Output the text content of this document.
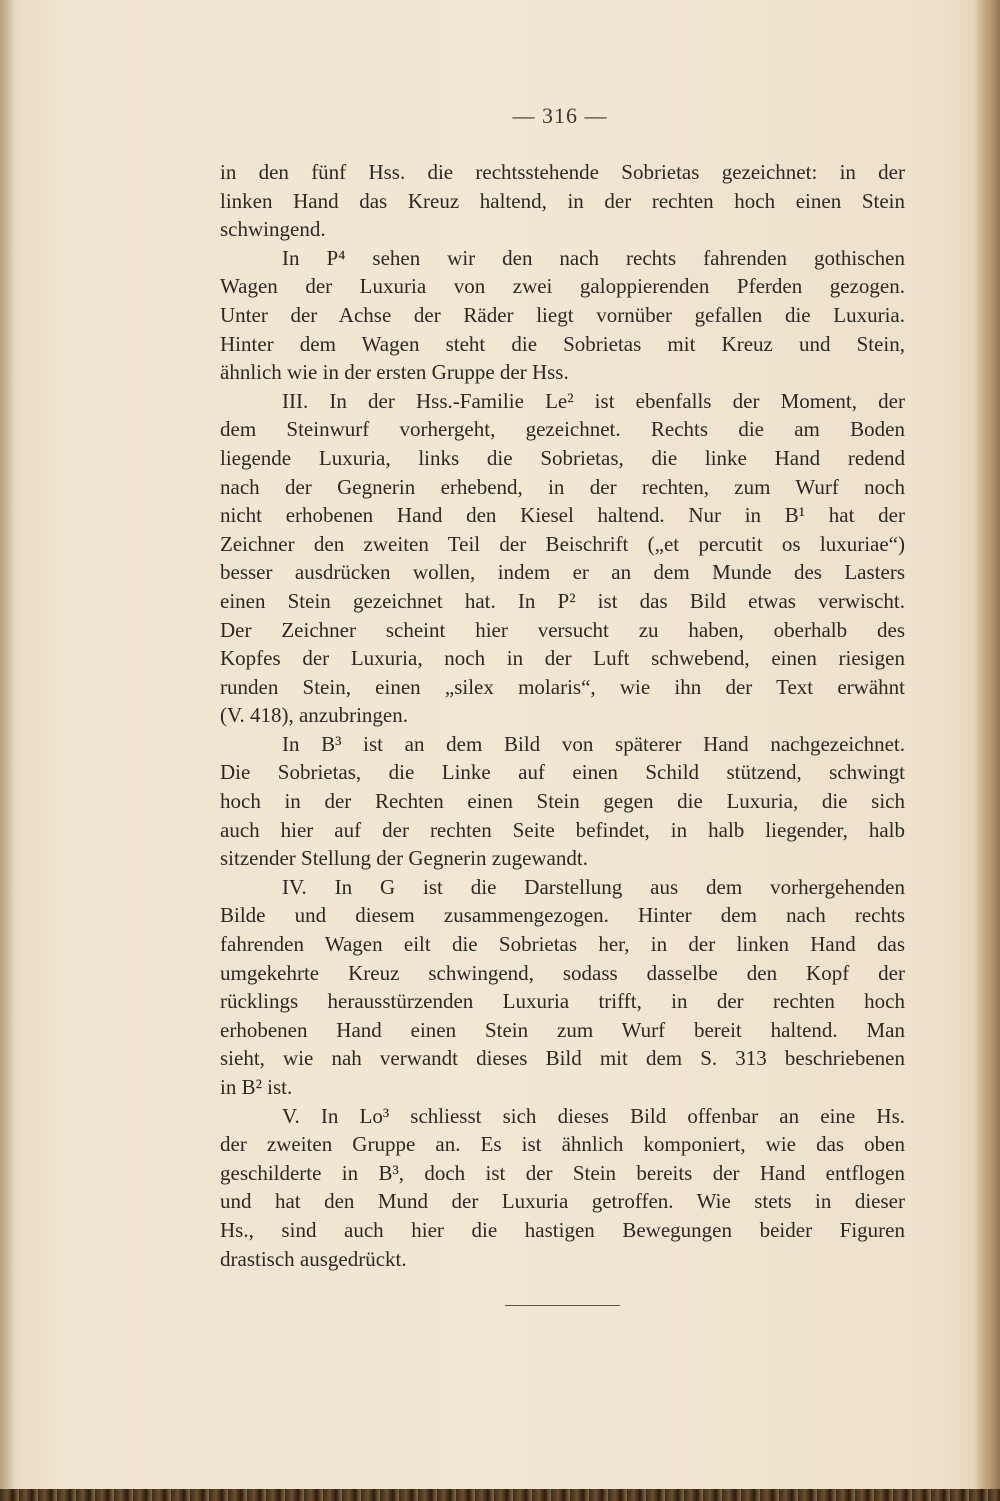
— 316 —
in den fünf Hss. die rechtsstehende Sobrietas gezeichnet: in der
linken Hand das Kreuz haltend, in der rechten hoch einen Stein
schwingend.
In P⁴ sehen wir den nach rechts fahrenden gothischen
Wagen der Luxuria von zwei galoppierenden Pferden gezogen.
Unter der Achse der Räder liegt vornüber gefallen die Luxuria.
Hinter dem Wagen steht die Sobrietas mit Kreuz und Stein,
ähnlich wie in der ersten Gruppe der Hss.
III. In der Hss.-Familie Le² ist ebenfalls der Moment, der
dem Steinwurf vorhergeht, gezeichnet. Rechts die am Boden
liegende Luxuria, links die Sobrietas, die linke Hand redend
nach der Gegnerin erhebend, in der rechten, zum Wurf noch
nicht erhobenen Hand den Kiesel haltend. Nur in B¹ hat der
Zeichner den zweiten Teil der Beischrift („et percutit os luxuriae“)
besser ausdrücken wollen, indem er an dem Munde des Lasters
einen Stein gezeichnet hat. In P² ist das Bild etwas verwischt.
Der Zeichner scheint hier versucht zu haben, oberhalb des
Kopfes der Luxuria, noch in der Luft schwebend, einen riesigen
runden Stein, einen „silex molaris“, wie ihn der Text erwähnt
(V. 418), anzubringen.
In B³ ist an dem Bild von späterer Hand nachgezeichnet.
Die Sobrietas, die Linke auf einen Schild stützend, schwingt
hoch in der Rechten einen Stein gegen die Luxuria, die sich
auch hier auf der rechten Seite befindet, in halb liegender, halb
sitzender Stellung der Gegnerin zugewandt.
IV. In G ist die Darstellung aus dem vorhergehenden
Bilde und diesem zusammengezogen. Hinter dem nach rechts
fahrenden Wagen eilt die Sobrietas her, in der linken Hand das
umgekehrte Kreuz schwingend, sodass dasselbe den Kopf der
rücklings herausstürzenden Luxuria trifft, in der rechten hoch
erhobenen Hand einen Stein zum Wurf bereit haltend. Man
sieht, wie nah verwandt dieses Bild mit dem S. 313 beschriebenen
in B² ist.
V. In Lo³ schliesst sich dieses Bild offenbar an eine Hs.
der zweiten Gruppe an. Es ist ähnlich komponiert, wie das oben
geschilderte in B³, doch ist der Stein bereits der Hand entflogen
und hat den Mund der Luxuria getroffen. Wie stets in dieser
Hs., sind auch hier die hastigen Bewegungen beider Figuren
drastisch ausgedrückt.
